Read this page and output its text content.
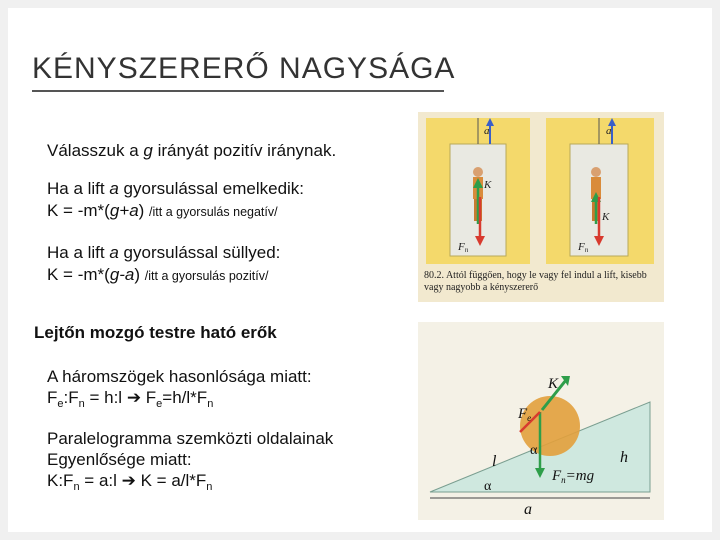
KÉNYSZERERŐ NAGYSÁGA
Válasszuk a g irányát pozitív iránynak.
Ha a lift a gyorsulással emelkedik:
K = -m*(g+a) /itt a gyorsulás negatív/
Ha a lift a gyorsulással süllyed:
K = -m*(g-a) /itt a gyorsulás pozitív/
Lejtőn mozgó testre ható erők
A háromszögek hasonlósága miatt:
$F_e:F_n$ = h:l ➔ $F_e=h/l*F_n$
Paralelogramma szemközti oldalainak
Egyenlősége miatt:
$K:F_n$ = a:l ➔ $K = a/l*F_n$
a	a
K
K
Fn	Fn
80.2. Attól függően, hogy le vagy fel indul a lift, kisebb vagy nagyobb a kényszererő
K
$F_e$
α
l	h
$F_n=mg$
α
a
